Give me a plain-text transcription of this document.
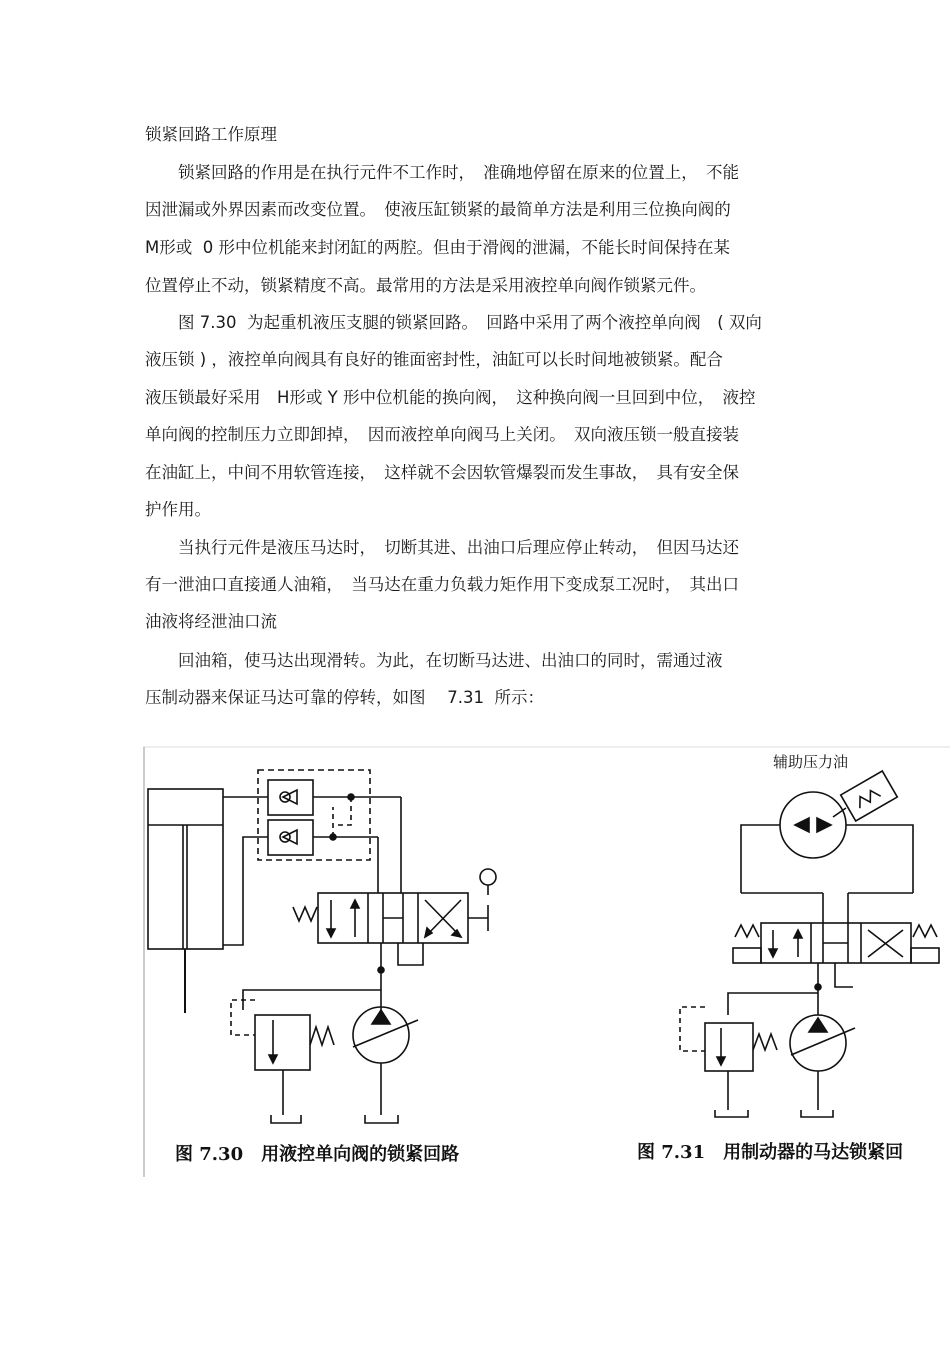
锁紧回路工作原理
　　锁紧回路的作用是在执行元件不工作时，　准确地停留在原来的位置上，　不能
因泄漏或外界因素而改变位置。　使液压缸锁紧的最简单方法是利用三位换向阀的
M形或  0 形中位机能来封闭缸的两腔。但由于滑阀的泄漏，不能长时间保持在某
位置停止不动，锁紧精度不高。最常用的方法是采用液控单向阀作锁紧元件。
　　图 7.30  为起重机液压支腿的锁紧回路。　回路中采用了两个液控单向阀　( 双向
液压锁 ) ，液控单向阀具有良好的锥面密封性，油缸可以长时间地被锁紧。配合
液压锁最好采用　H形或 Y 形中位机能的换向阀，　这种换向阀一旦回到中位，　液控
单向阀的控制压力立即卸掉，　因而液控单向阀马上关闭。　双向液压锁一般直接装
在油缸上，中间不用软管连接，　这样就不会因软管爆裂而发生事故，　具有安全保
护作用。
　　当执行元件是液压马达时，　切断其进、出油口后理应停止转动，　但因马达还
有一泄油口直接通人油箱，　当马达在重力负载力矩作用下变成泵工况时，　其出口
油液将经泄油口流
　　回油箱，使马达出现滑转。为此，在切断马达进、出油口的同时，需通过液
压制动器来保证马达可靠的停转，如图　 7.31  所示：
辅助压力油
图 7.30　用液控单向阀的锁紧回路	图 7.31　用制动器的马达锁紧回
